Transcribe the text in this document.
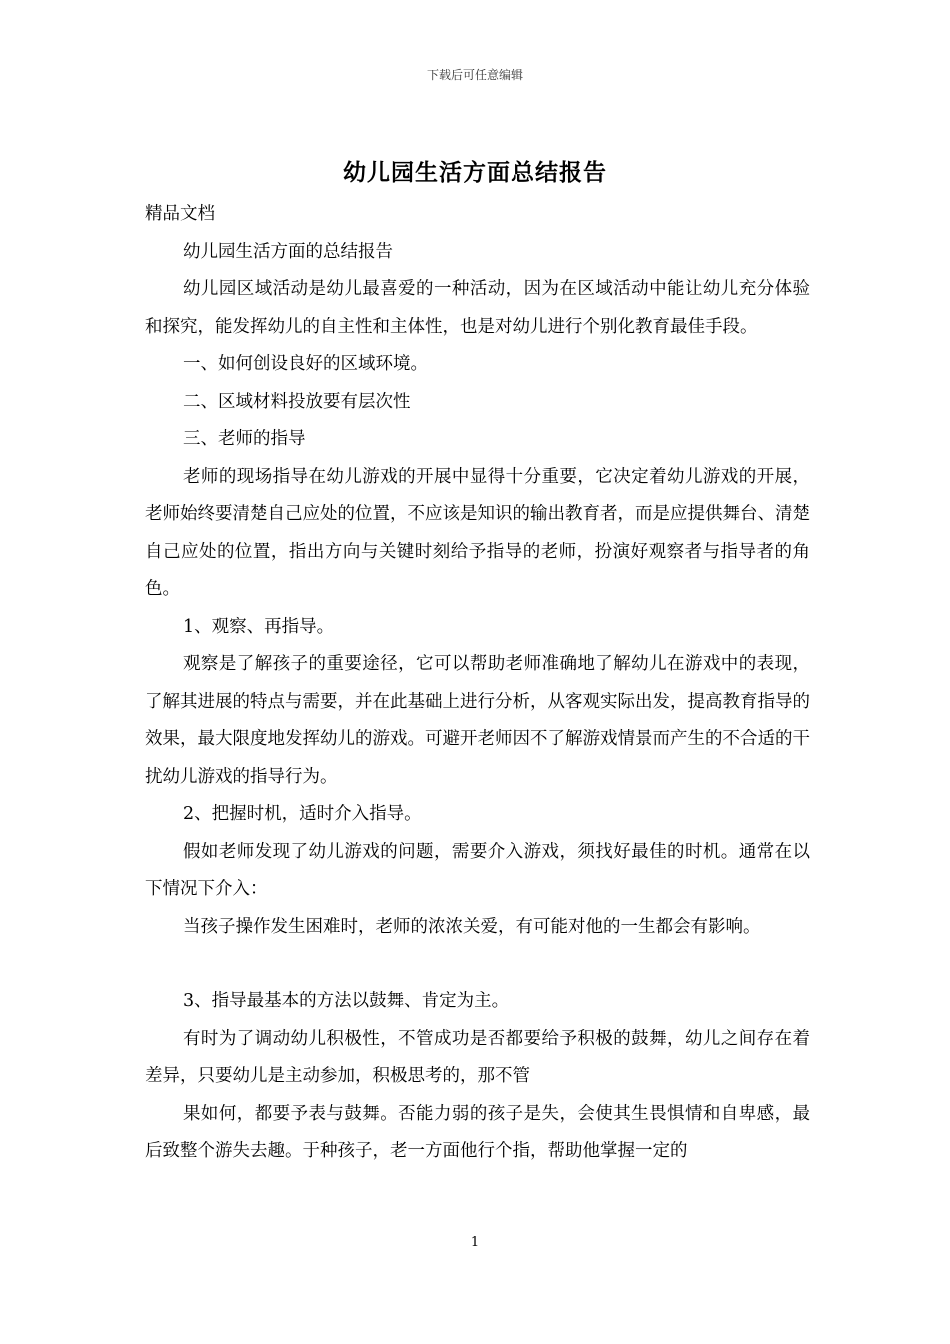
下载后可任意编辑
幼儿园生活方面总结报告

精品文档

幼儿园生活方面的总结报告

幼儿园区域活动是幼儿最喜爱的一种活动，因为在区域活动中能让幼儿充分体验和探究，能发挥幼儿的自主性和主体性，也是对幼儿进行个别化教育最佳手段。

一、如何创设良好的区域环境。

二、区域材料投放要有层次性

三、老师的指导

老师的现场指导在幼儿游戏的开展中显得十分重要，它决定着幼儿游戏的开展，老师始终要清楚自己应处的位置，不应该是知识的输出教育者，而是应提供舞台、清楚自己应处的位置，指出方向与关键时刻给予指导的老师，扮演好观察者与指导者的角色。

1、观察、再指导。

观察是了解孩子的重要途径，它可以帮助老师准确地了解幼儿在游戏中的表现，了解其进展的特点与需要，并在此基础上进行分析，从客观实际出发，提高教育指导的效果，最大限度地发挥幼儿的游戏。可避开老师因不了解游戏情景而产生的不合适的干扰幼儿游戏的指导行为。

2、把握时机，适时介入指导。

假如老师发现了幼儿游戏的问题，需要介入游戏，须找好最佳的时机。通常在以下情况下介入：

当孩子操作发生困难时，老师的浓浓关爱，有可能对他的一生都会有影响。

3、指导最基本的方法以鼓舞、肯定为主。

有时为了调动幼儿积极性，不管成功是否都要给予积极的鼓舞，幼儿之间存在着差异，只要幼儿是主动参加，积极思考的，那不管

果如何，都要予表与鼓舞。否能力弱的孩子是失，会使其生畏惧情和自卑感，最后致整个游失去趣。于种孩子，老一方面他行个指，帮助他掌握一定的

1
